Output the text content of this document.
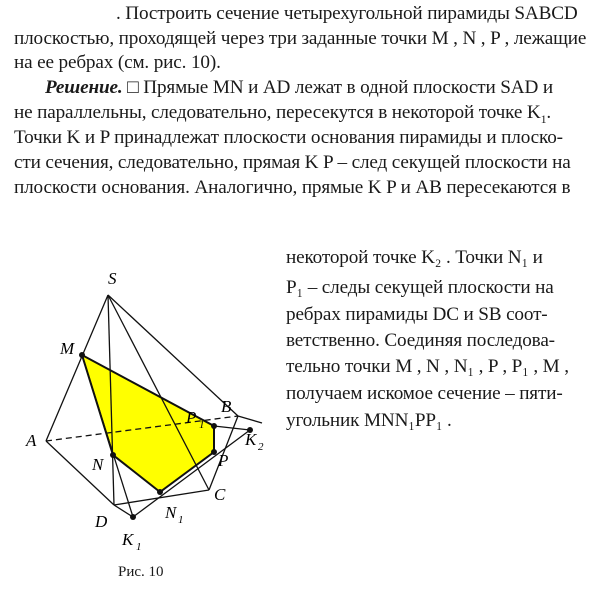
. Построить сечение четырехугольной пирамиды SABCD
плоскостью, проходящей через три заданные точки M , N , P , лежащие
на ее ребрах (см. рис. 10).
Решение. □ Прямые MN и AD лежат в одной плоскости SAD и
не параллельны, следовательно, пересекутся в некоторой точке $K_1$.
Точки K и P принадлежат плоскости основания пирамиды и плоско-
сти сечения, следовательно, прямая K P – след секущей плоскости на
плоскости основания. Аналогично, прямые K P и AB пересекаются в
некоторой точке K₂ . Точки N₁ и
P₁ – следы секущей плоскости на
ребрах пирамиды DC и SB соот-
ветственно. Соединяя последова-
тельно точки M , N , N₁ , P , P₁ , M ,
получаем искомое сечение – пяти-
угольник MNN₁PP₁ .
S
M
A
N
D
K 1
N 1
C
P
P 1
B
K 2
Рис. 10
